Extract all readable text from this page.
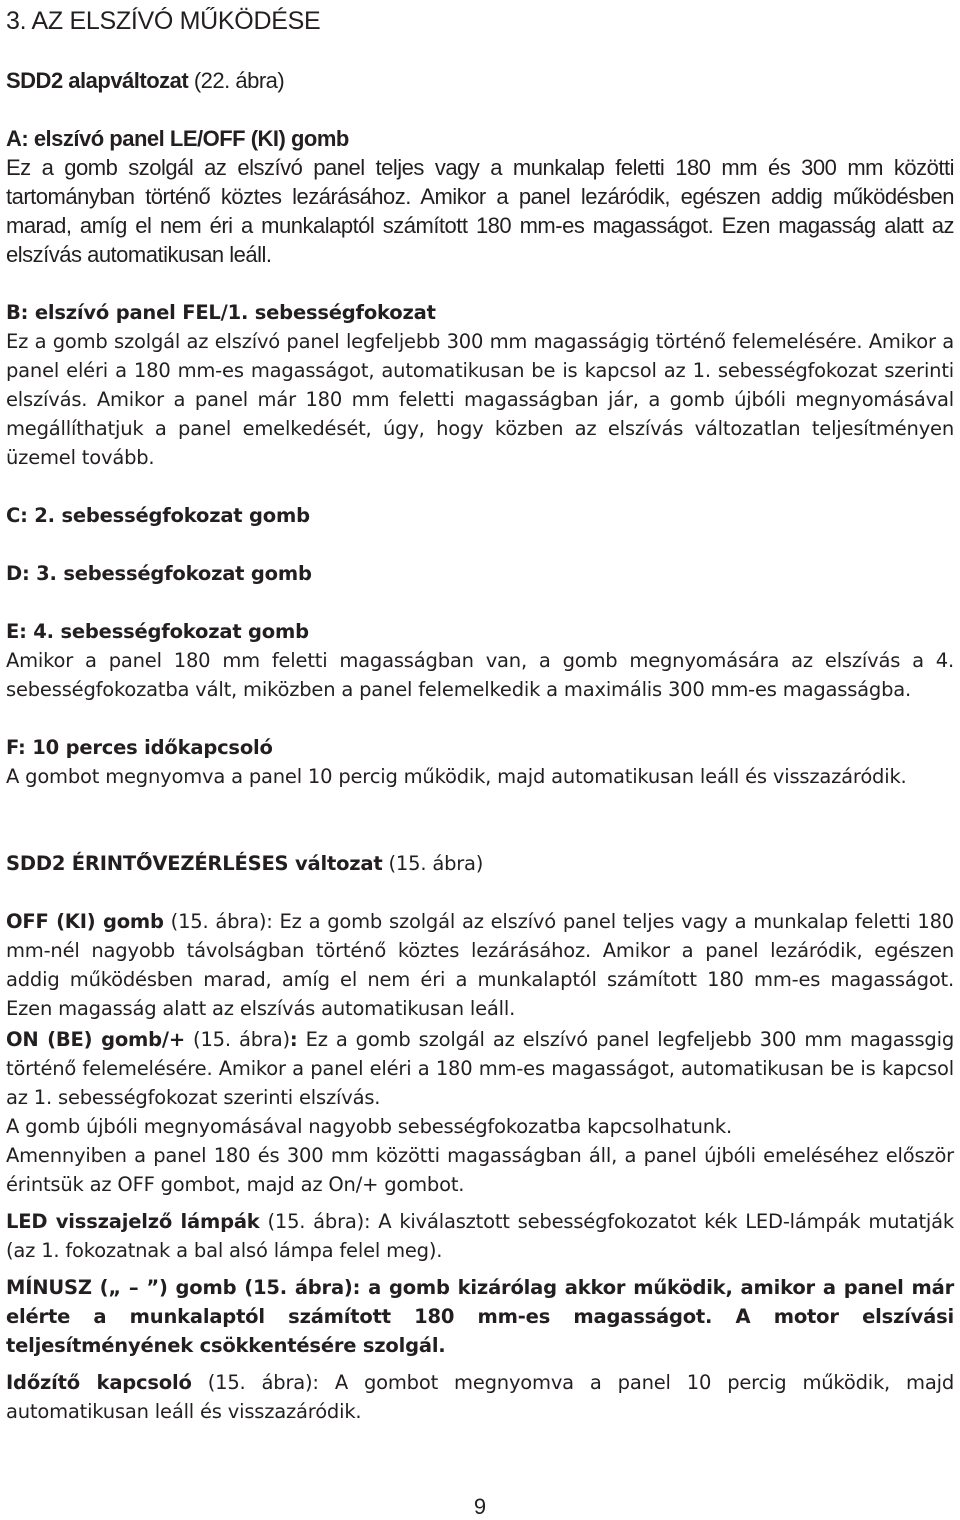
3. AZ ELSZÍVÓ MŰKÖDÉSE

SDD2 alapváltozat (22. ábra)

A: elszívó panel LE/OFF (KI) gomb

Ez a gomb szolgál az elszívó panel teljes vagy a munkalap feletti 180 mm és 300 mm közötti tartományban történő köztes lezárásához. Amikor a panel lezáródik, egészen addig működésben marad, amíg el nem éri a munkalaptól számított 180 mm-es magasságot. Ezen magasság alatt az elszívás automatikusan leáll.

B: elszívó panel FEL/1. sebességfokozat

Ez a gomb szolgál az elszívó panel legfeljebb 300 mm magasságig történő felemelésére. Amikor a panel eléri a 180 mm-es magasságot, automatikusan be is kapcsol az 1. sebességfokozat szerinti elszívás. Amikor a panel már 180 mm feletti magasságban jár, a gomb újbóli megnyomásával megállíthatjuk a panel emelkedését, úgy, hogy közben az elszívás változatlan teljesítményen üzemel tovább.

C: 2. sebességfokozat gomb

D: 3. sebességfokozat gomb

E: 4. sebességfokozat gomb

Amikor a panel 180 mm feletti magasságban van, a gomb megnyomására az elszívás a 4. sebességfokozatba vált, miközben a panel felemelkedik a maximális 300 mm-es magasságba.

F: 10 perces időkapcsoló

A gombot megnyomva a panel 10 percig működik, majd automatikusan leáll és visszazáródik.

SDD2 ÉRINTŐVEZÉRLÉSES változat (15. ábra)

OFF (KI) gomb (15. ábra): Ez a gomb szolgál az elszívó panel teljes vagy a munkalap feletti 180 mm-nél nagyobb távolságban történő köztes lezárásához. Amikor a panel lezáródik, egészen addig működésben marad, amíg el nem éri a munkalaptól számított 180 mm-es magasságot. Ezen magasság alatt az elszívás automatikusan leáll.

ON (BE) gomb/+ (15. ábra): Ez a gomb szolgál az elszívó panel legfeljebb 300 mm magassgig történő felemelésére. Amikor a panel eléri a 180 mm-es magasságot, automatikusan be is kapcsol az 1. sebességfokozat szerinti elszívás.

A gomb újbóli megnyomásával nagyobb sebességfokozatba kapcsolhatunk.

Amennyiben a panel 180 és 300 mm közötti magasságban áll, a panel újbóli emeléséhez először érintsük az OFF gombot, majd az On/+ gombot.

LED visszajelző lámpák (15. ábra): A kiválasztott sebességfokozatot kék LED-lámpák mutatják (az 1. fokozatnak a bal alsó lámpa felel meg).

MÍNUSZ („ – ”) gomb (15. ábra): a gomb kizárólag akkor működik, amikor a panel már elérte a munkalaptól számított 180 mm-es magasságot. A motor elszívási teljesítményének csökkentésére szolgál.

Időzítő kapcsoló (15. ábra): A gombot megnyomva a panel 10 percig működik, majd automatikusan leáll és visszazáródik.

9
